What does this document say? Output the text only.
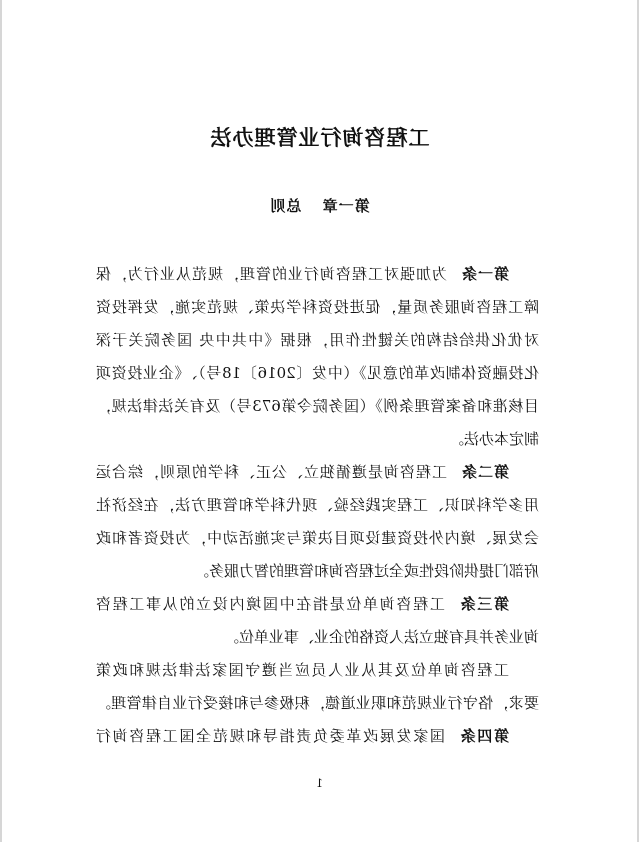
工程咨询行业管理办法
第一章 总则
第一条为加强对工程咨询行业的管理，规范从业行为，保
障工程咨询服务质量，促进投资科学决策、规范实施，发挥投资
对优化供给结构的关键性作用，根据《中共中央 国务院关于深
化投融资体制改革的意见》（中发〔2016〕18号）、《企业投资项
目核准和备案管理条例》（国务院令第673号）及有关法律法规，
制定本办法。
第二条工程咨询是遵循独立、公正、科学的原则，综合运
用多学科知识、工程实践经验、现代科学和管理方法，在经济社
会发展、境内外投资建设项目决策与实施活动中，为投资者和政
府部门提供阶段性或全过程咨询和管理的智力服务。
第三条工程咨询单位是指在中国境内设立的从事工程咨
询业务并具有独立法人资格的企业、事业单位。
工程咨询单位及其从业人员应当遵守国家法律法规和政策
要求，恪守行业规范和职业道德，积极参与和接受行业自律管理。
第四条国家发展改革委负责指导和规范全国工程咨询行
1
